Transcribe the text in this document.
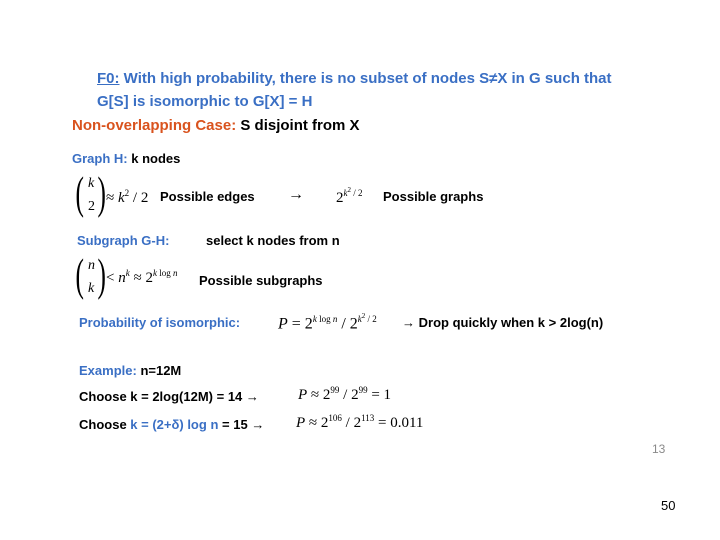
F0: With high probability, there is no subset of nodes S≠X in G such that
G[S] is isomorphic to G[X] = H
Non-overlapping Case: S disjoint from X
Graph H: k nodes
( k
2 ) ≈ $k^2 / 2$ Possible edges → $2^{k^2 / 2}$ Possible graphs
Subgraph G-H:	select k nodes from n
( n
k ) < $n^k \approx 2^{k log n}$ Possible subgraphs
Probability of isomorphic: $P = 2^{k log n} / 2^{k^2 / 2}$ → Drop quickly when k > 2log(n)
Example: n=12M
Choose k = 2log(12M) = 14 →	$P \approx 2^{99} / 2^{99} = 1$
Choose k = (2+δ) $\log n = 15 \to P \approx 2^{106} / 2^{113} = 0.011$
13
50
